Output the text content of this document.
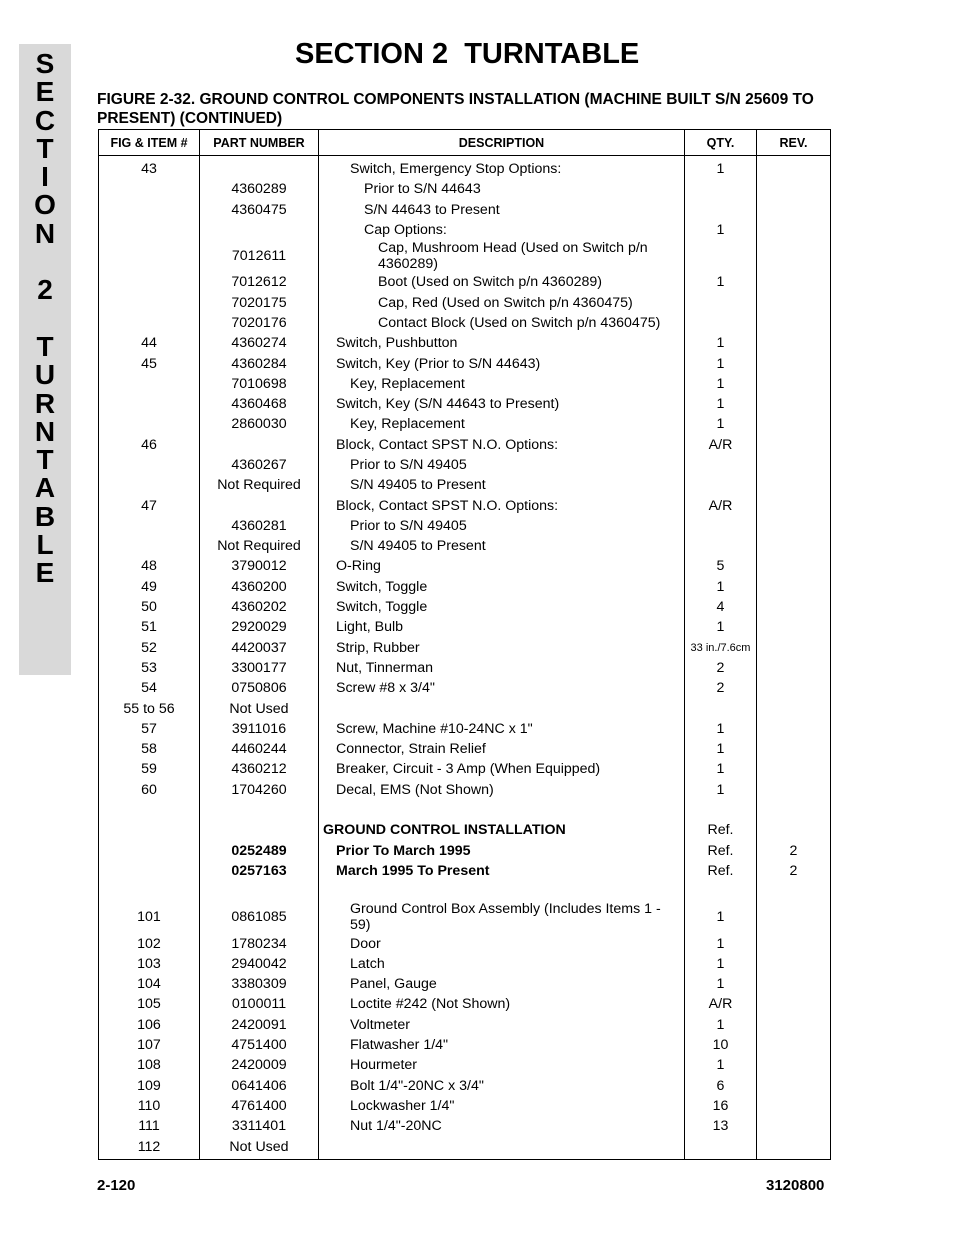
S
E
C
T
I
O
N

2

T
U
R
N
T
A
B
L
E
SECTION 2  TURNTABLE
FIGURE 2-32. GROUND CONTROL COMPONENTS INSTALLATION (MACHINE BUILT S/N 25609 TO PRESENT) (CONTINUED)
FIG & ITEM #	PART NUMBER	DESCRIPTION	QTY.	REV.
43		Switch, Emergency Stop Options:	1	
	4360289	Prior to S/N 44643		
	4360475	S/N 44643 to Present		
		Cap Options:	1	
	7012611	Cap, Mushroom Head (Used on Switch p/n 4360289)		
	7012612	Boot (Used on Switch p/n 4360289)	1	
	7020175	Cap, Red (Used on Switch p/n 4360475)		
	7020176	Contact Block (Used on Switch p/n 4360475)		
44	4360274	Switch, Pushbutton	1	
45	4360284	Switch, Key (Prior to S/N 44643)	1	
	7010698	Key, Replacement	1	
	4360468	Switch, Key (S/N 44643 to Present)	1	
	2860030	Key, Replacement	1	
46		Block, Contact SPST N.O. Options:	A/R	
	4360267	Prior to S/N 49405		
	Not Required	S/N 49405 to Present		
47		Block, Contact SPST N.O. Options:	A/R	
	4360281	Prior to S/N 49405		
	Not Required	S/N 49405 to Present		
48	3790012	O-Ring	5	
49	4360200	Switch, Toggle	1	
50	4360202	Switch, Toggle	4	
51	2920029	Light, Bulb	1	
52	4420037	Strip, Rubber	33 in./7.6cm	
53	3300177	Nut, Tinnerman	2	
54	0750806	Screw #8 x 3/4"	2	
55 to 56	Not Used			
57	3911016	Screw, Machine #10-24NC x 1"	1	
58	4460244	Connector, Strain Relief	1	
59	4360212	Breaker, Circuit - 3 Amp (When Equipped)	1	
60	1704260	Decal, EMS (Not Shown)	1	

		GROUND CONTROL INSTALLATION	Ref.	
	0252489	Prior To March 1995	Ref.	2
	0257163	March 1995 To Present	Ref.	2

101	0861085	Ground Control Box Assembly (Includes Items 1 - 59)	1	
102	1780234	Door	1	
103	2940042	Latch	1	
104	3380309	Panel, Gauge	1	
105	0100011	Loctite #242 (Not Shown)	A/R	
106	2420091	Voltmeter	1	
107	4751400	Flatwasher 1/4"	10	
108	2420009	Hourmeter	1	
109	0641406	Bolt 1/4"-20NC x 3/4"	6	
110	4761400	Lockwasher 1/4"	16	
111	3311401	Nut 1/4"-20NC	13	
112	Not Used			
2-120	3120800
